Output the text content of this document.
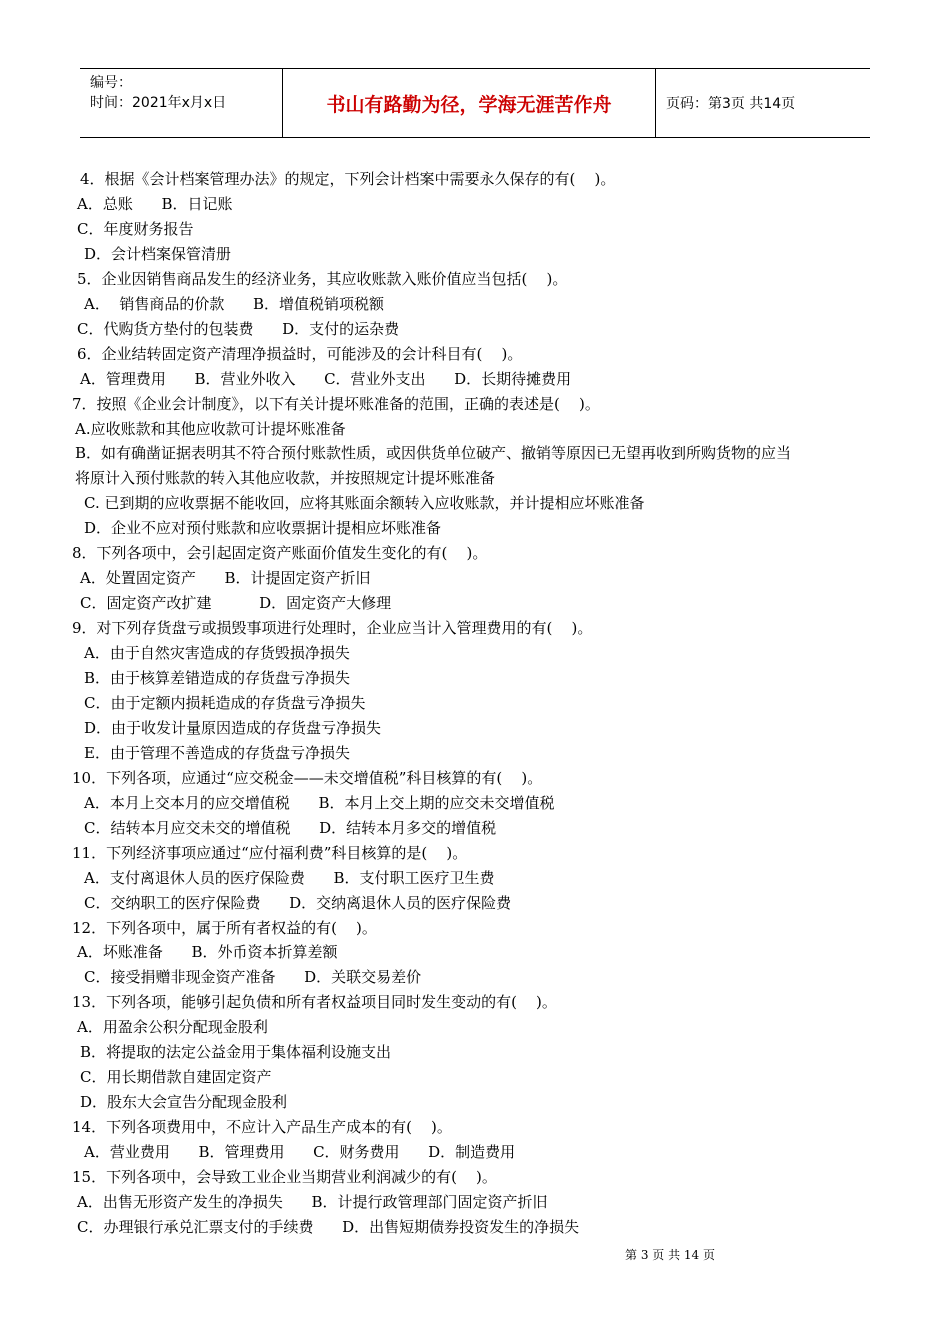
编号：
时间：2021年x月x日	书山有路勤为径，学海无涯苦作舟	页码：第3页 共14页
4．根据《会计档案管理办法》的规定，下列会计档案中需要永久保存的有(    )。
A．总账      B．日记账
C．年度财务报告
D．会计档案保管清册
5．企业因销售商品发生的经济业务，其应收账款入账价值应当包括(    )。
A．  销售商品的价款      B．增值税销项税额
C．代购货方垫付的包装费      D．支付的运杂费
6．企业结转固定资产清理净损益时，可能涉及的会计科目有(    )。
A．管理费用      B．营业外收入      C．营业外支出      D．长期待摊费用
7．按照《企业会计制度》，以下有关计提坏账准备的范围，正确的表述是(    )。
A.应收账款和其他应收款可计提坏账准备
B．如有确凿证据表明其不符合预付账款性质，或因供货单位破产、撤销等原因已无望再收到所购货物的应当
将原计入预付账款的转入其他应收款，并按照规定计提坏账准备
C. 已到期的应收票据不能收回，应将其账面余额转入应收账款，并计提相应坏账准备
D．企业不应对预付账款和应收票据计提相应坏账准备
8．下列各项中，会引起固定资产账面价值发生变化的有(    )。
A．处置固定资产      B．计提固定资产折旧
C．固定资产改扩建          D．固定资产大修理
9．对下列存货盘亏或损毁事项进行处理时，企业应当计入管理费用的有(    )。
A．由于自然灾害造成的存货毁损净损失
B．由于核算差错造成的存货盘亏净损失
C．由于定额内损耗造成的存货盘亏净损失
D．由于收发计量原因造成的存货盘亏净损失
E．由于管理不善造成的存货盘亏净损失
10．下列各项，应通过“应交税金——未交增值税”科目核算的有(    )。
A．本月上交本月的应交增值税      B．本月上交上期的应交未交增值税
C．结转本月应交未交的增值税      D．结转本月多交的增值税
11．下列经济事项应通过“应付福利费”科目核算的是(    )。
A．支付离退休人员的医疗保险费      B．支付职工医疗卫生费
C．交纳职工的医疗保险费      D．交纳离退休人员的医疗保险费
12．下列各项中，属于所有者权益的有(    )。
A．坏账准备      B．外币资本折算差额
C．接受捐赠非现金资产准备      D．关联交易差价
13．下列各项，能够引起负债和所有者权益项目同时发生变动的有(    )。
A．用盈余公积分配现金股利
B．将提取的法定公益金用于集体福利设施支出
C．用长期借款自建固定资产
D．股东大会宣告分配现金股利
14．下列各项费用中，不应计入产品生产成本的有(    )。
A．营业费用      B．管理费用      C．财务费用      D．制造费用
15．下列各项中，会导致工业企业当期营业利润减少的有(    )。
A．出售无形资产发生的净损失      B．计提行政管理部门固定资产折旧
C．办理银行承兑汇票支付的手续费      D．出售短期债券投资发生的净损失
第 3 页 共 14 页
